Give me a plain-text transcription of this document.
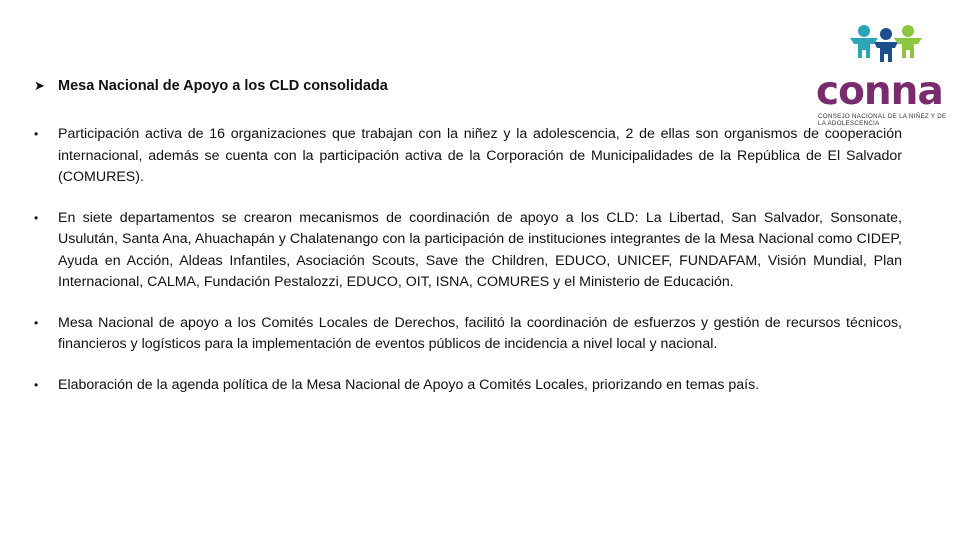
conna
CONSEJO NACIONAL DE LA NIÑEZ Y DE LA ADOLESCENCIA
➤ Mesa Nacional de Apoyo a los CLD consolidada
•	Participación activa de 16 organizaciones que trabajan con la niñez y la adolescencia, 2 de ellas son organismos de cooperación internacional, además se cuenta con la participación activa de la Corporación de Municipalidades de la República de El Salvador (COMURES).
•	En siete departamentos se crearon mecanismos de coordinación de apoyo a los CLD: La Libertad, San Salvador, Sonsonate, Usulután, Santa Ana, Ahuachapán y Chalatenango con la participación de instituciones integrantes de la Mesa Nacional como CIDEP, Ayuda en Acción, Aldeas Infantiles, Asociación Scouts, Save the Children, EDUCO, UNICEF, FUNDAFAM, Visión Mundial, Plan Internacional, CALMA, Fundación Pestalozzi, EDUCO, OIT, ISNA, COMURES y el Ministerio de Educación.
•	Mesa Nacional de apoyo a los Comités Locales de Derechos, facilitó la coordinación de esfuerzos y gestión de recursos técnicos, financieros y logísticos para la implementación de eventos públicos de incidencia a nivel local y nacional.
•	Elaboración de la agenda política de la Mesa Nacional de Apoyo a Comités Locales, priorizando en temas país.
